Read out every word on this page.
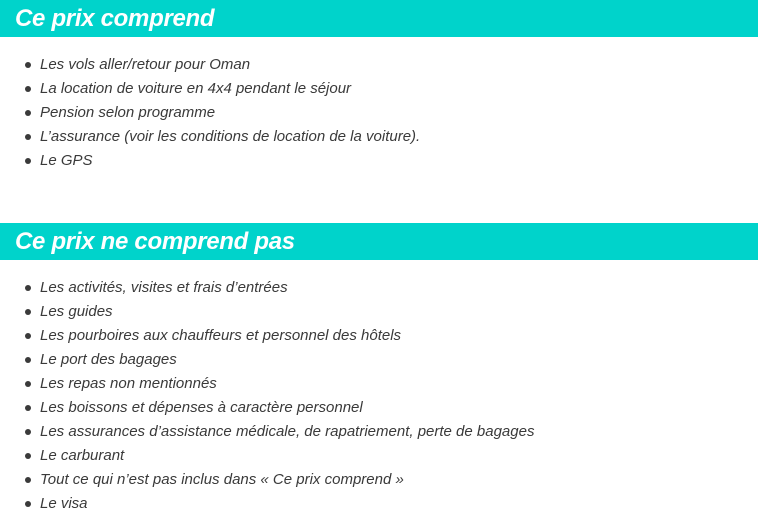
Ce prix comprend
Les vols aller/retour pour Oman
La location de voiture en 4x4 pendant le séjour
Pension selon programme
L’assurance (voir les conditions de location de la voiture).
Le GPS
Ce prix ne comprend pas
Les activités, visites et frais d’entrées
Les guides
Les pourboires aux chauffeurs et personnel des hôtels
Le port des bagages
Les repas non mentionnés
Les boissons et dépenses à caractère personnel
Les assurances d’assistance médicale, de rapatriement, perte de bagages
Le carburant
Tout ce qui n’est pas inclus dans « Ce prix comprend »
Le visa
